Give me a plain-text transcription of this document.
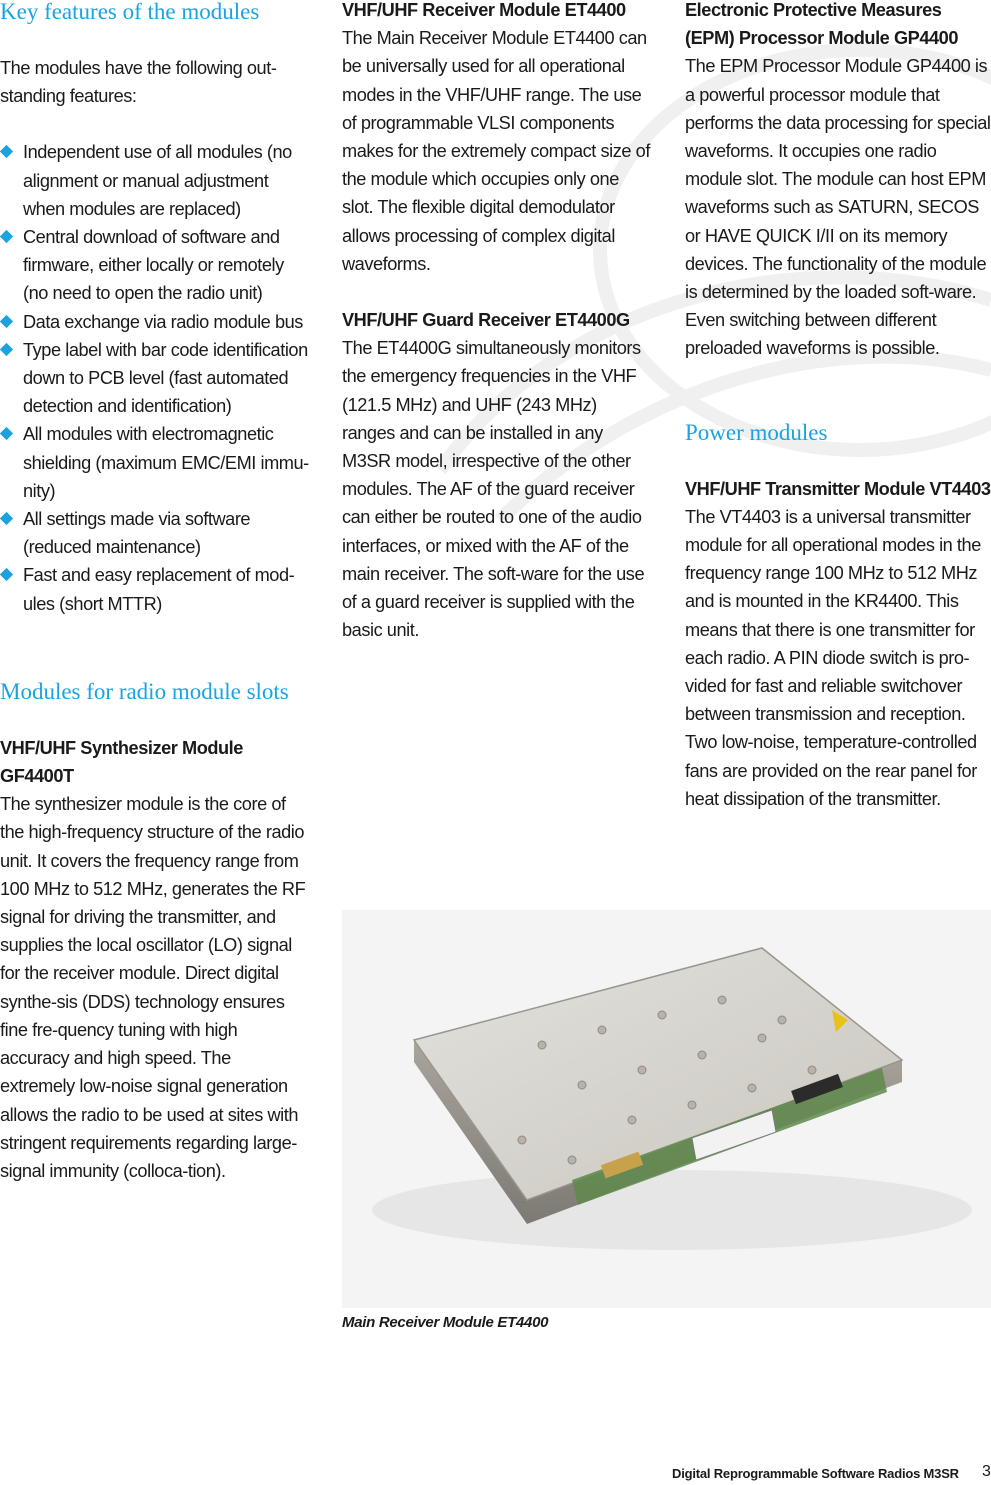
Key features of the modules

The modules have the following out-standing features:

Independent use of all modules (no alignment or manual adjustment when modules are replaced)
Central download of software and firmware, either locally or remotely (no need to open the radio unit)
Data exchange via radio module bus
Type label with bar code identification down to PCB level (fast automated detection and identification)
All modules with electromagnetic shielding (maximum EMC/EMI immu-nity)
All settings made via software (reduced maintenance)
Fast and easy replacement of mod-ules (short MTTR)
Modules for radio module slots
VHF/UHF Synthesizer Module GF4400T

The synthesizer module is the core of the high-frequency structure of the radio unit. It covers the frequency range from 100 MHz to 512 MHz, generates the RF signal for driving the transmitter, and supplies the local oscillator (LO) signal for the receiver module. Direct digital synthe-sis (DDS) technology ensures fine fre-quency tuning with high accuracy and high speed. The extremely low-noise signal generation allows the radio to be used at sites with stringent requirements regarding large-signal immunity (colloca-tion).

VHF/UHF Receiver Module ET4400

The Main Receiver Module ET4400 can be universally used for all operational modes in the VHF/UHF range. The use of programmable VLSI components makes for the extremely compact size of the module which occupies only one slot. The flexible digital demodulator allows processing of complex digital waveforms.

VHF/UHF Guard Receiver ET4400G

The ET4400G simultaneously monitors the emergency frequencies in the VHF (121.5 MHz) and UHF (243 MHz) ranges and can be installed in any M3SR model, irrespective of the other modules. The AF of the guard receiver can either be routed to one of the audio interfaces, or mixed with the AF of the main receiver. The soft-ware for the use of a guard receiver is supplied with the basic unit.

Electronic Protective Measures (EPM) Processor Module GP4400

The EPM Processor Module GP4400 is a powerful processor module that performs the data processing for special waveforms. It occupies one radio module slot. The module can host EPM waveforms such as SATURN, SECOS or HAVE QUICK I/II on its memory devices. The functionality of the module is determined by the loaded soft-ware. Even switching between different preloaded waveforms is possible.

Power modules
VHF/UHF Transmitter Module VT4403

The VT4403 is a universal transmitter module for all operational modes in the frequency range 100 MHz to 512 MHz and is mounted in the KR4400. This means that there is one transmitter for each radio. A PIN diode switch is pro-vided for fast and reliable switchover between transmission and reception. Two low-noise, temperature-controlled fans are provided on the rear panel for heat dissipation of the transmitter.

Main Receiver Module ET4400
Digital Reprogrammable Software Radios M3SR 3
